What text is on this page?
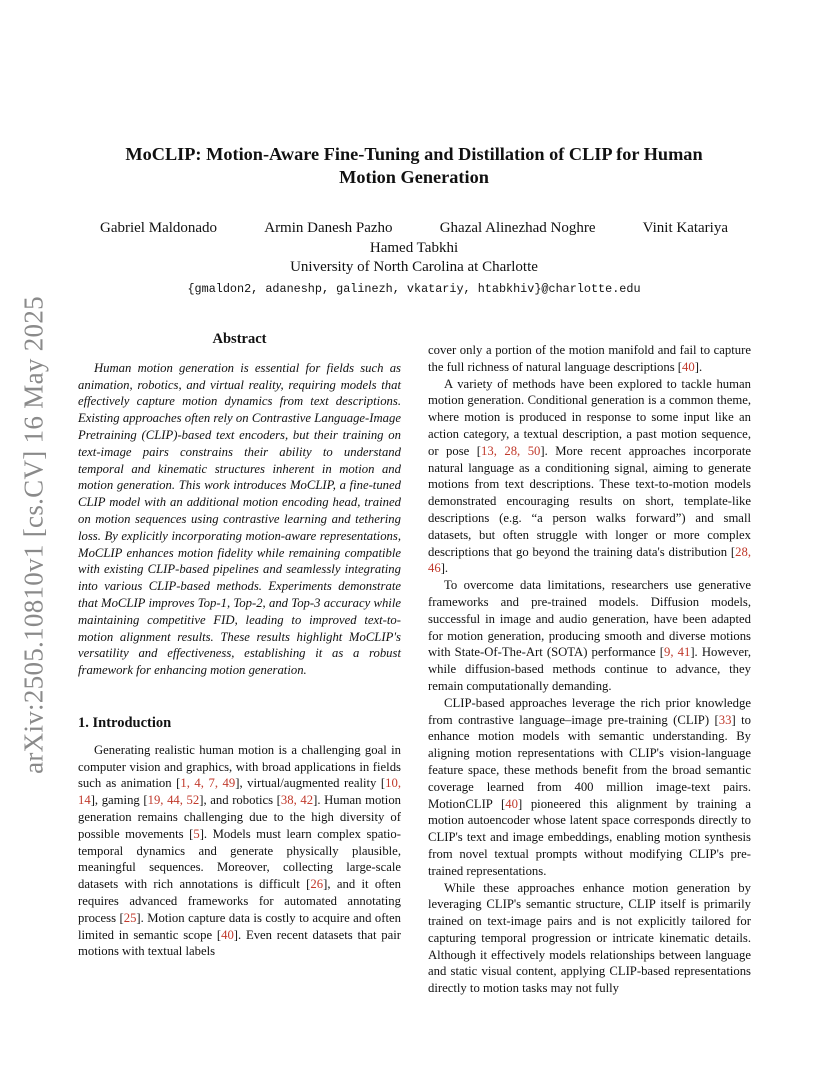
arXiv:2505.10810v1 [cs.CV] 16 May 2025
MoCLIP: Motion-Aware Fine-Tuning and Distillation of CLIP for Human
Motion Generation
Gabriel Maldonado	Armin Danesh Pazho	Ghazal Alinezhad Noghre	Vinit Katariya
Hamed Tabkhi
University of North Carolina at Charlotte
{gmaldon2, adaneshp, galinezh, vkatariy, htabkhiv}@charlotte.edu
Abstract

Human motion generation is essential for fields such as animation, robotics, and virtual reality, requiring models that effectively capture motion dynamics from text descriptions. Existing approaches often rely on Contrastive Language-Image Pretraining (CLIP)-based text encoders, but their training on text-image pairs constrains their ability to understand temporal and kinematic structures inherent in motion and motion generation. This work introduces MoCLIP, a fine-tuned CLIP model with an additional motion encoding head, trained on motion sequences using contrastive learning and tethering loss. By explicitly incorporating motion-aware representations, MoCLIP enhances motion fidelity while remaining compatible with existing CLIP-based pipelines and seamlessly integrating into various CLIP-based methods. Experiments demonstrate that MoCLIP improves Top-1, Top-2, and Top-3 accuracy while maintaining competitive FID, leading to improved text-to-motion alignment results. These results highlight MoCLIP's versatility and effectiveness, establishing it as a robust framework for enhancing motion generation.

1. Introduction

Generating realistic human motion is a challenging goal in computer vision and graphics, with broad applications in fields such as animation [1, 4, 7, 49], virtual/augmented reality [10, 14], gaming [19, 44, 52], and robotics [38, 42]. Human motion generation remains challenging due to the high diversity of possible movements [5]. Models must learn complex spatio-temporal dynamics and generate physically plausible, meaningful sequences. Moreover, collecting large-scale datasets with rich annotations is difficult [26], and it often requires advanced frameworks for automated annotating process [25]. Motion capture data is costly to acquire and often limited in semantic scope [40]. Even recent datasets that pair motions with textual labels

cover only a portion of the motion manifold and fail to capture the full richness of natural language descriptions [40].

A variety of methods have been explored to tackle human motion generation. Conditional generation is a common theme, where motion is produced in response to some input like an action category, a textual description, a past motion sequence, or pose [13, 28, 50]. More recent approaches incorporate natural language as a conditioning signal, aiming to generate motions from text descriptions. These text-to-motion models demonstrated encouraging results on short, template-like descriptions (e.g. “a person walks forward”) and small datasets, but often struggle with longer or more complex descriptions that go beyond the training data's distribution [28, 46].

To overcome data limitations, researchers use generative frameworks and pre-trained models. Diffusion models, successful in image and audio generation, have been adapted for motion generation, producing smooth and diverse motions with State-Of-The-Art (SOTA) performance [9, 41]. However, while diffusion-based methods continue to advance, they remain computationally demanding.

CLIP-based approaches leverage the rich prior knowledge from contrastive language–image pre-training (CLIP) [33] to enhance motion models with semantic understanding. By aligning motion representations with CLIP's vision-language feature space, these methods benefit from the broad semantic coverage learned from 400 million image-text pairs. MotionCLIP [40] pioneered this alignment by training a motion autoencoder whose latent space corresponds directly to CLIP's text and image embeddings, enabling motion synthesis from novel textual prompts without modifying CLIP's pre-trained representations.

While these approaches enhance motion generation by leveraging CLIP's semantic structure, CLIP itself is primarily trained on text-image pairs and is not explicitly tailored for capturing temporal progression or intricate kinematic details. Although it effectively models relationships between language and static visual content, applying CLIP-based representations directly to motion tasks may not fully
